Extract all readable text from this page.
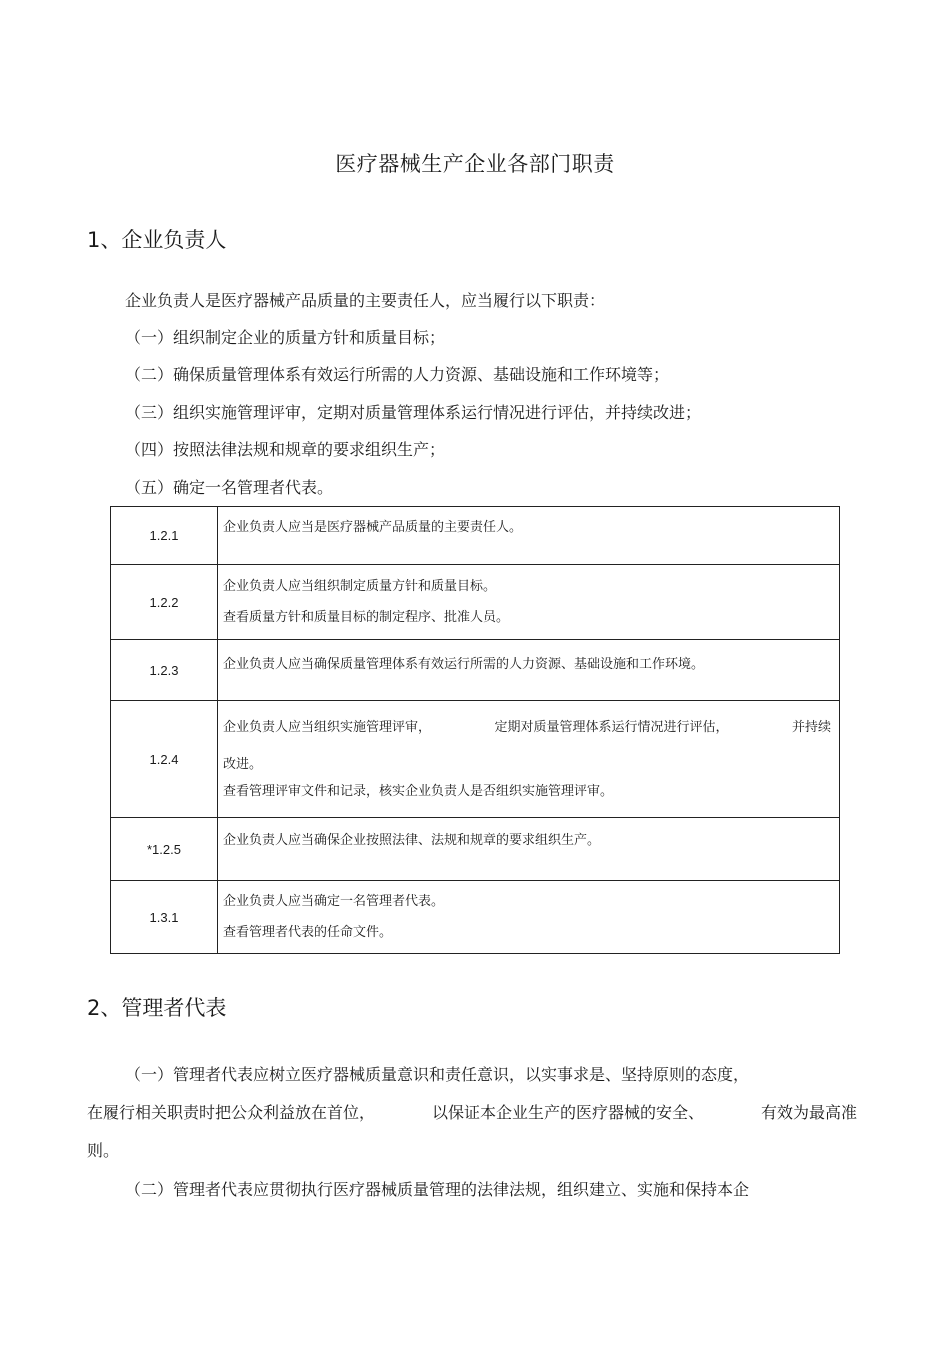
医疗器械生产企业各部门职责
1、企业负责人
企业负责人是医疗器械产品质量的主要责任人，应当履行以下职责：
（一）组织制定企业的质量方针和质量目标；
（二）确保质量管理体系有效运行所需的人力资源、基础设施和工作环境等；
（三）组织实施管理评审，定期对质量管理体系运行情况进行评估，并持续改进；
（四）按照法律法规和规章的要求组织生产；
（五）确定一名管理者代表。
1.2.1	企业负责人应当是医疗器械产品质量的主要责任人。

1.2.2	企业负责人应当组织制定质量方针和质量目标。
查看质量方针和质量目标的制定程序、批准人员。

1.2.3	企业负责人应当确保质量管理体系有效运行所需的人力资源、基础设施和工作环境。

1.2.4	企业负责人应当组织实施管理评审， 定期对质量管理体系运行情况进行评估， 并持续
改进。
查看管理评审文件和记录，核实企业负责人是否组织实施管理评审。

*1.2.5	企业负责人应当确保企业按照法律、法规和规章的要求组织生产。

1.3.1	企业负责人应当确定一名管理者代表。
查看管理者代表的任命文件。
2、管理者代表
（一）管理者代表应树立医疗器械质量意识和责任意识，以实事求是、坚持原则的态度，
在履行相关职责时把公众利益放在首位，	以保证本企业生产的医疗器械的安全、	有效为最高准
则。
（二）管理者代表应贯彻执行医疗器械质量管理的法律法规，组织建立、实施和保持本企
